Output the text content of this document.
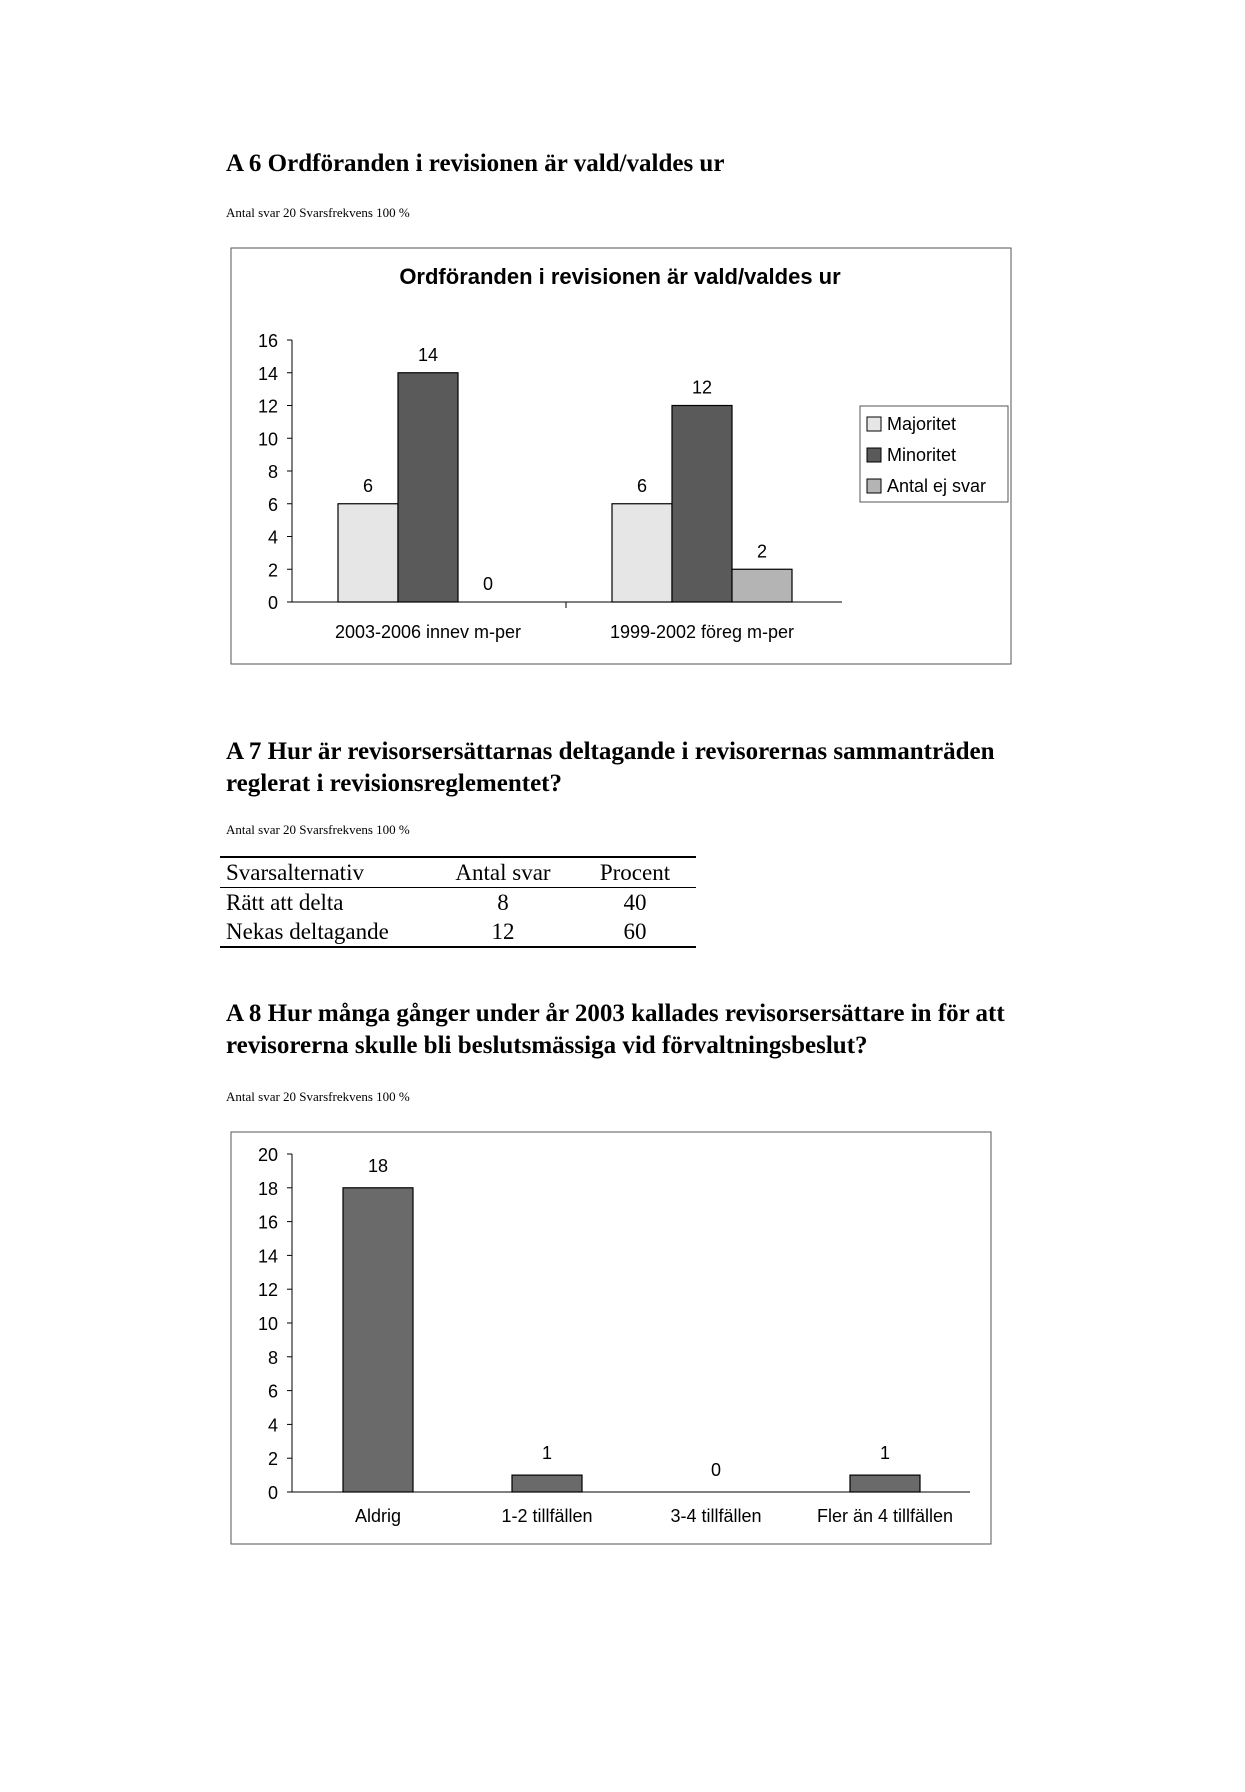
A 6 Ordföranden i revisionen är vald/valdes ur
Antal svar 20 Svarsfrekvens 100 %
Ordföranden i revisionen är vald/valdes ur
0
2
4
6
8
10
12
14
16
6
14
0
2003-2006 innev m-per
6
12
2
1999-2002 föreg m-per
Majoritet
Minoritet
Antal ej svar
A 7 Hur är revisorsersättarnas deltagande i revisorernas sammanträden reglerat i revisionsreglementet?
Antal svar 20 Svarsfrekvens 100 %
Svarsalternativ	Antal svar	Procent
Rätt att delta	8	40
Nekas deltagande	12	60
A 8 Hur många gånger under år 2003 kallades revisorsersättare in för att revisorerna skulle bli beslutsmässiga vid förvaltningsbeslut?
Antal svar 20 Svarsfrekvens 100 %
0
2
4
6
8
10
12
14
16
18
20
18
Aldrig
1
1-2 tillfällen
0
3-4 tillfällen
1
Fler än 4 tillfällen
